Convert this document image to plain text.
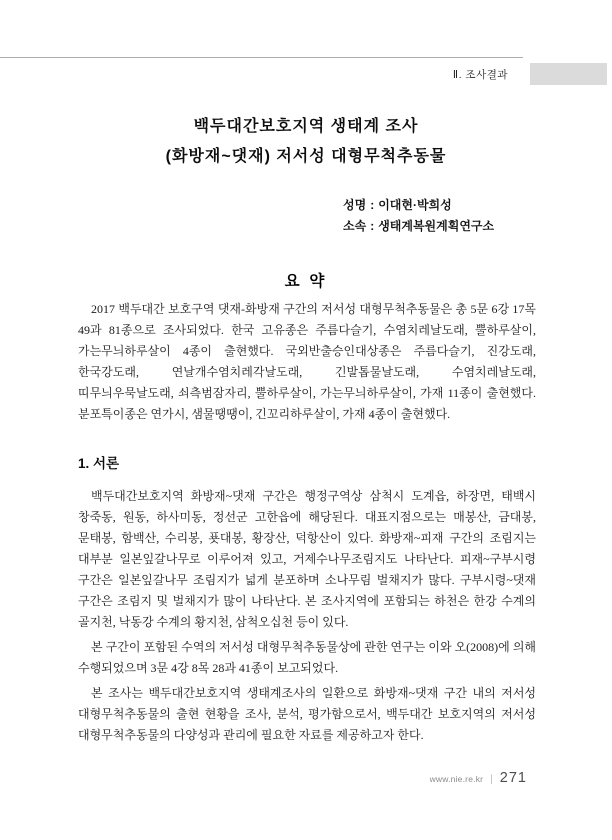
Ⅱ. 조사결과
백두대간보호지역 생태계 조사
(화방재~댓재) 저서성 대형무척추동물
성명 : 이대현·박희성
소속 : 생태계복원계획연구소
요 약

2017 백두대간 보호구역 댓재-화방재 구간의 저서성 대형무척추동물은 총 5문 6강 17목 49과 81종으로 조사되었다. 한국 고유종은 주름다슬기, 수염치레날도래, 뿔하루살이, 가는무늬하루살이 4종이 출현했다. 국외반출승인대상종은 주름다슬기, 진강도래, 한국강도래, 연날개수염치레각날도래, 긴발톱물날도래, 수염치레날도래, 띠무늬우묵날도래, 쇠측범잠자리, 뿔하루살이, 가는무늬하루살이, 가재 11종이 출현했다. 분포특이종은 연가시, 샘물땡땡이, 긴꼬리하루살이, 가재 4종이 출현했다.

1. 서론

백두대간보호지역 화방재~댓재 구간은 행정구역상 삼척시 도계읍, 하장면, 태백시 창죽동, 원동, 하사미동, 정선군 고한읍에 해당된다. 대표지점으로는 매봉산, 금대봉, 문태봉, 함백산, 수리봉, 푯대봉, 황장산, 덕항산이 있다. 화방재~피재 구간의 조림지는 대부분 일본잎갈나무로 이루어져 있고, 거제수나무조림지도 나타난다. 피재~구부시령 구간은 일본잎갈나무 조림지가 넓게 분포하며 소나무림 벌채지가 많다. 구부시령~댓재 구간은 조림지 및 벌채지가 많이 나타난다. 본 조사지역에 포함되는 하천은 한강 수계의 골지천, 낙동강 수계의 황지천, 삼척오십천 등이 있다.

본 구간이 포함된 수역의 저서성 대형무척추동물상에 관한 연구는 이와 오(2008)에 의해 수행되었으며 3문 4강 8목 28과 41종이 보고되었다.

본 조사는 백두대간보호지역 생태계조사의 일환으로 화방재~댓재 구간 내의 저서성 대형무척추동물의 출현 현황을 조사, 분석, 평가함으로서, 백두대간 보호지역의 저서성 대형무척추동물의 다양성과 관리에 필요한 자료를 제공하고자 한다.

www.nie.re.kr | 271
